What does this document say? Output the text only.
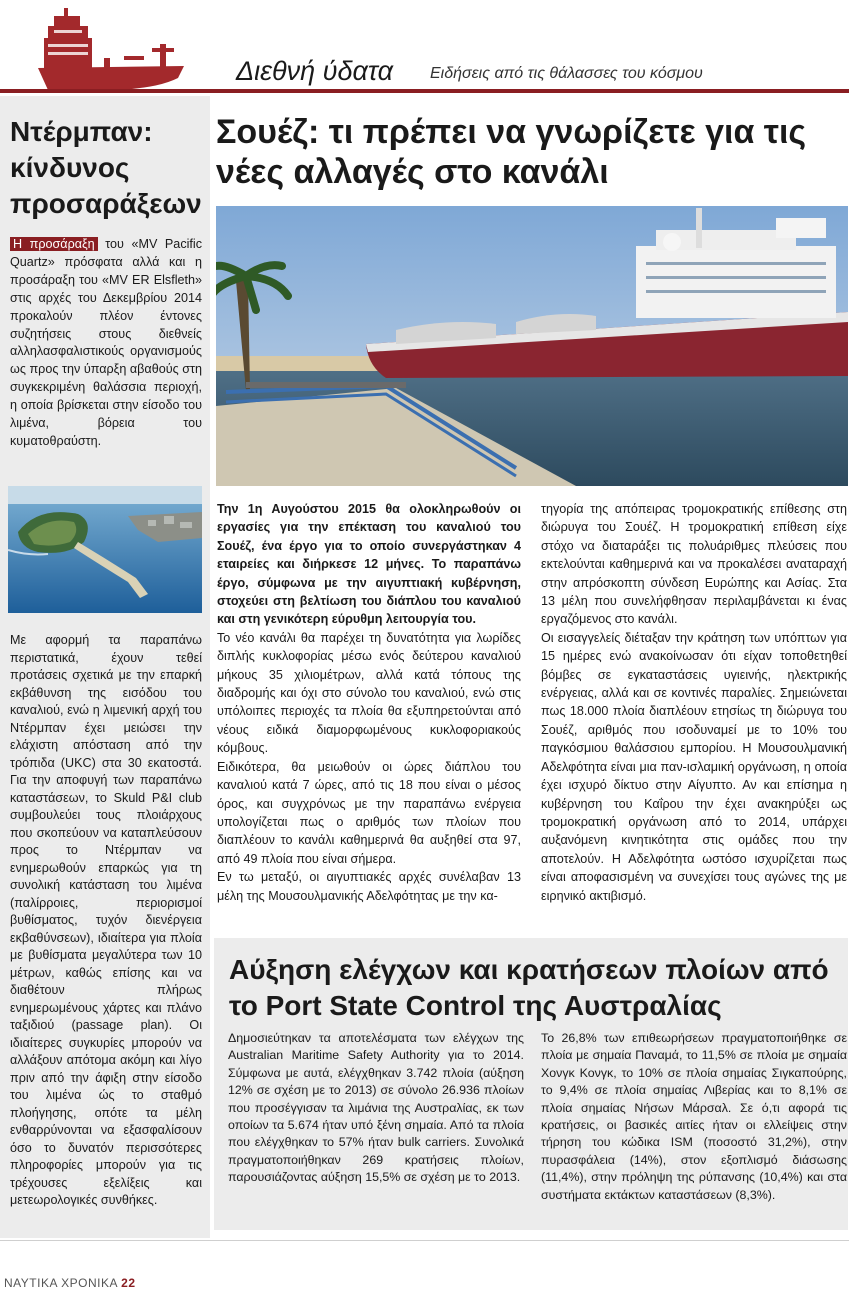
Διεθνή ύδατα Ειδήσεις από τις θάλασσες του κόσμου
Ντέρμπαν: κίνδυνος προσαράξεων

Η προσάραξη του «MV Pacific Quartz» πρόσφατα αλλά και η προσάραξη του «MV ER Elsfleth» στις αρχές του Δεκεμβρίου 2014 προκαλούν πλέον έντονες συζητήσεις στους διεθνείς αλληλασφαλιστικούς οργανισμούς ως προς την ύπαρξη αβαθούς στη συγκεκριμένη θαλάσσια περιοχή, η οποία βρίσκεται στην είσοδο του λιμένα, βόρεια του κυματοθραύστη.

Με αφορμή τα παραπάνω περιστατικά, έχουν τεθεί προτάσεις σχετικά με την επαρκή εκβάθυνση της εισόδου του καναλιού, ενώ η λιμενική αρχή του Ντέρμπαν έχει μειώσει την ελάχιστη απόσταση από την τρόπιδα (UKC) στα 30 εκατοστά. Για την αποφυγή των παραπάνω καταστάσεων, το Skuld P&I club συμβουλεύει τους πλοιάρχους που σκοπεύουν να καταπλεύσουν προς το Ντέρμπαν να ενημερωθούν επαρκώς για τη συνολική κατάσταση του λιμένα (παλίρροιες, περιορισμοί βυθίσματος, τυχόν διενέργεια εκβαθύνσεων), ιδιαίτερα για πλοία με βυθίσματα μεγαλύτερα των 10 μέτρων, καθώς επίσης και να διαθέτουν πλήρως ενημερωμένους χάρτες και πλάνο ταξιδιού (passage plan). Οι ιδιαίτερες συγκυρίες μπορούν να αλλάξουν απότομα ακόμη και λίγο πριν από την άφιξη στην είσοδο του λιμένα ώς το σταθμό πλοήγησης, οπότε τα μέλη ενθαρρύνονται να εξασφαλίσουν όσο το δυνατόν περισσότερες πληροφορίες μπορούν για τις τρέχουσες εξελίξεις και μετεωρολογικές συνθήκες.

Σουέζ: τι πρέπει να γνωρίζετε για τις νέες αλλαγές στο κανάλι

Την 1η Αυγούστου 2015 θα ολοκληρωθούν οι εργασίες για την επέκταση του καναλιού του Σουέζ, ένα έργο για το οποίο συνεργάστηκαν 4 εταιρείες και διήρκεσε 12 μήνες. Το παραπάνω έργο, σύμφωνα με την αιγυπτιακή κυβέρνηση, στοχεύει στη βελτίωση του διάπλου του καναλιού και στη γενικότερη εύρυθμη λειτουργία του.

Το νέο κανάλι θα παρέχει τη δυνατότητα για λωρίδες διπλής κυκλοφορίας μέσω ενός δεύτερου καναλιού μήκους 35 χιλιομέτρων, αλλά κατά τόπους της διαδρομής και όχι στο σύνολο του καναλιού, ενώ στις υπόλοιπες περιοχές τα πλοία θα εξυπηρετούνται από νέους ειδικά διαμορφωμένους κυκλοφοριακούς κόμβους.

Ειδικότερα, θα μειωθούν οι ώρες διάπλου του καναλιού κατά 7 ώρες, από τις 18 που είναι ο μέσος όρος, και συγχρόνως με την παραπάνω ενέργεια υπολογίζεται πως ο αριθμός των πλοίων που διαπλέουν το κανάλι καθημερινά θα αυξηθεί στα 97, από 49 πλοία που είναι σήμερα.

Εν τω μεταξύ, οι αιγυπτιακές αρχές συνέλαβαν 13 μέλη της Μουσουλμανικής Αδελφότητας με την κα-

τηγορία της απόπειρας τρομοκρατικής επίθεσης στη διώρυγα του Σουέζ. Η τρομοκρατική επίθεση είχε στόχο να διαταράξει τις πολυάριθμες πλεύσεις που εκτελούνται καθημερινά και να προκαλέσει αναταραχή στην απρόσκοπτη σύνδεση Ευρώπης και Ασίας. Στα 13 μέλη που συνελήφθησαν περιλαμβάνεται κι ένας εργαζόμενος στο κανάλι.

Οι εισαγγελείς διέταξαν την κράτηση των υπόπτων για 15 ημέρες ενώ ανακοίνωσαν ότι είχαν τοποθετηθεί βόμβες σε εγκαταστάσεις υγιεινής, ηλεκτρικής ενέργειας, αλλά και σε κοντινές παραλίες. Σημειώνεται πως 18.000 πλοία διαπλέουν ετησίως τη διώρυγα του Σουέζ, αριθμός που ισοδυναμεί με το 10% του παγκόσμιου θαλάσσιου εμπορίου. Η Μουσουλμανική Αδελφότητα είναι μια παν-ισλαμική οργάνωση, η οποία έχει ισχυρό δίκτυο στην Αίγυπτο. Αν και επίσημα η κυβέρνηση του Καΐρου την έχει ανακηρύξει ως τρομοκρατική οργάνωση από το 2014, υπάρχει αυξανόμενη κινητικότητα στις ομάδες που την αποτελούν. Η Αδελφότητα ωστόσο ισχυρίζεται πως είναι αποφασισμένη να συνεχίσει τους αγώνες της με ειρηνικό ακτιβισμό.

Αύξηση ελέγχων και κρατήσεων πλοίων από το Port State Control της Αυστραλίας

Δημοσιεύτηκαν τα αποτελέσματα των ελέγχων της Australian Maritime Safety Authority για το 2014. Σύμφωνα με αυτά, ελέγχθηκαν 3.742 πλοία (αύξηση 12% σε σχέση με το 2013) σε σύνολο 26.936 πλοίων που προσέγγισαν τα λιμάνια της Αυστραλίας, εκ των οποίων τα 5.674 ήταν υπό ξένη σημαία. Από τα πλοία που ελέγχθηκαν το 57% ήταν bulk carriers. Συνολικά πραγματοποιήθηκαν 269 κρατήσεις πλοίων, παρουσιάζοντας αύξηση 15,5% σε σχέση με το 2013.

Το 26,8% των επιθεωρήσεων πραγματοποιήθηκε σε πλοία με σημαία Παναμά, το 11,5% σε πλοία με σημαία Χονγκ Κονγκ, το 10% σε πλοία σημαίας Σιγκαπούρης, το 9,4% σε πλοία σημαίας Λιβερίας και το 8,1% σε πλοία σημαίας Νήσων Μάρσαλ. Σε ό,τι αφορά τις κρατήσεις, οι βασικές αιτίες ήταν οι ελλείψεις στην τήρηση του κώδικα ISM (ποσοστό 31,2%), στην πυρασφάλεια (14%), στον εξοπλισμό διάσωσης (11,4%), στην πρόληψη της ρύπανσης (10,4%) και στα συστήματα εκτάκτων καταστάσεων (8,3%).

ΝΑΥΤΙΚΑ ΧΡΟΝΙΚΑ 22
